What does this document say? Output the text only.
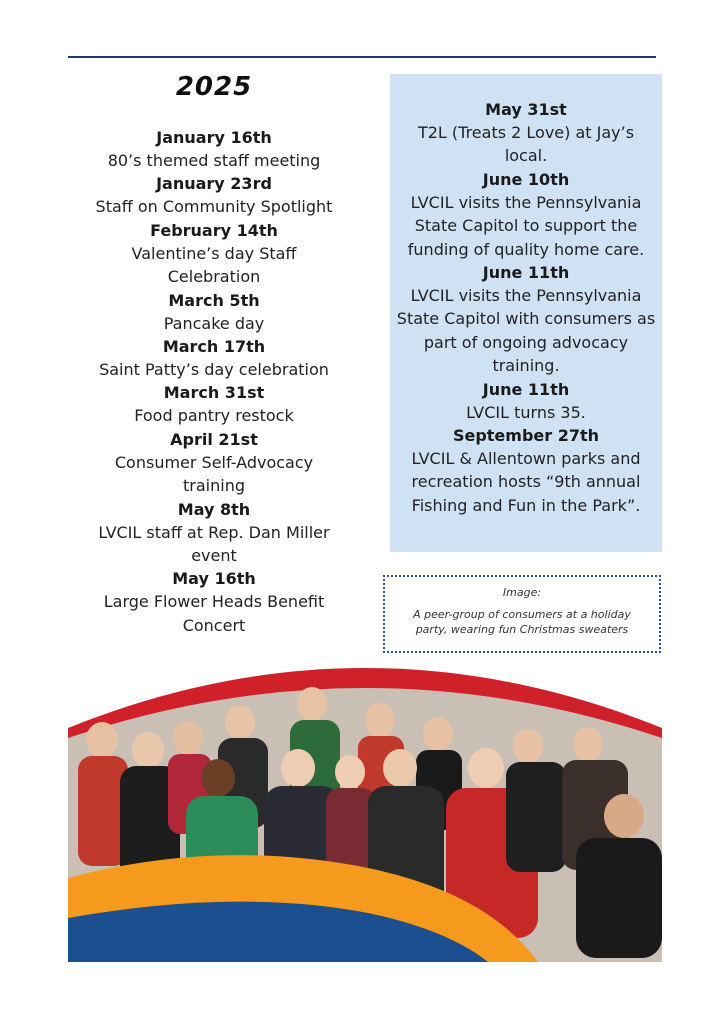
2025
January 16th
80’s themed staff meeting
January 23rd
Staff on Community Spotlight
February 14th
Valentine’s day Staff Celebration
March 5th
Pancake day
March 17th
Saint Patty’s day celebration
March 31st
Food pantry restock
April 21st
Consumer Self-Advocacy training
May 8th
LVCIL staff at Rep. Dan Miller event
May 16th
Large Flower Heads Benefit Concert
May 31st
T2L (Treats 2 Love) at Jay’s local.
June 10th
LVCIL visits the Pennsylvania State Capitol to support the funding of quality home care.
June 11th
LVCIL visits the Pennsylvania State Capitol with consumers as part of ongoing advocacy training.
June 11th
LVCIL turns 35.
September 27th
LVCIL & Allentown parks and recreation hosts “9th annual Fishing and Fun in the Park”.
Image:
A peer-group of consumers at a holiday party, wearing fun Christmas sweaters
